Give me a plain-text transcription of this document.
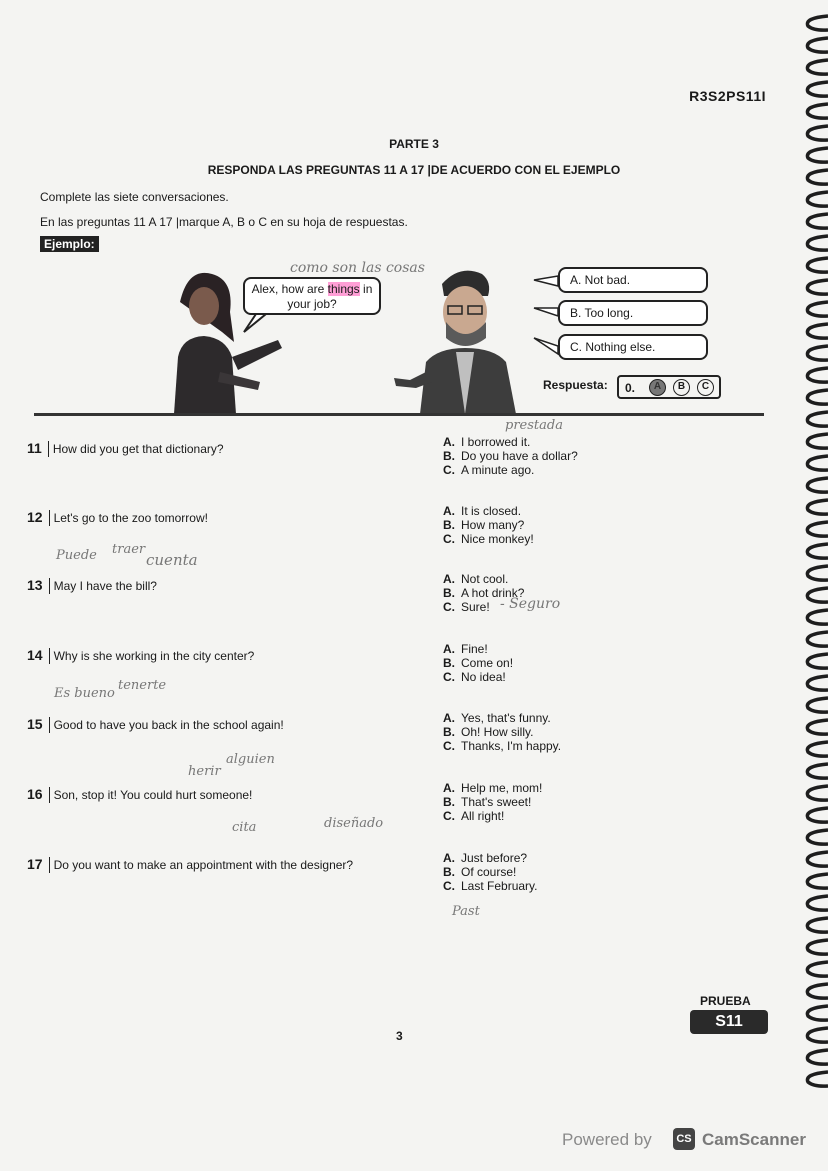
R3S2PS11I
PARTE 3
RESPONDA LAS PREGUNTAS 11 A 17 |DE ACUERDO CON EL EJEMPLO
Complete las siete conversaciones.
En las preguntas 11 A 17 |marque A, B o C en su hoja de respuestas.
Ejemplo:
Alex, how are things in your job?
A. Not bad.
B. Too long.
C. Nothing else.
Respuesta: 0.	A	B	C
11 How did you get that dictionary?	A. I borrowed it.
B. Do you have a dollar?
C. A minute ago.
12 Let's go to the zoo tomorrow!	A. It is closed.
B. How many?
C. Nice monkey!
13 May I have the bill?	A. Not cool.
B. A hot drink?
C. Sure!
14 Why is she working in the city center?	A. Fine!
B. Come on!
C. No idea!
15 Good to have you back in the school again!	A. Yes, that's funny.
B. Oh! How silly.
C. Thanks, I'm happy.
16 Son, stop it! You could hurt someone!	A. Help me, mom!
B. That's sweet!
C. All right!
17 Do you want to make an appointment with the designer?	A. Just before?
B. Of course!
C. Last February.
como son las cosas
prestada
Puede traer
cuenta
- Seguro
Es bueno
tenerte
herir
alguien
cita	diseñado
Past
3
PRUEBA
S11
Powered by	CS CamScanner
